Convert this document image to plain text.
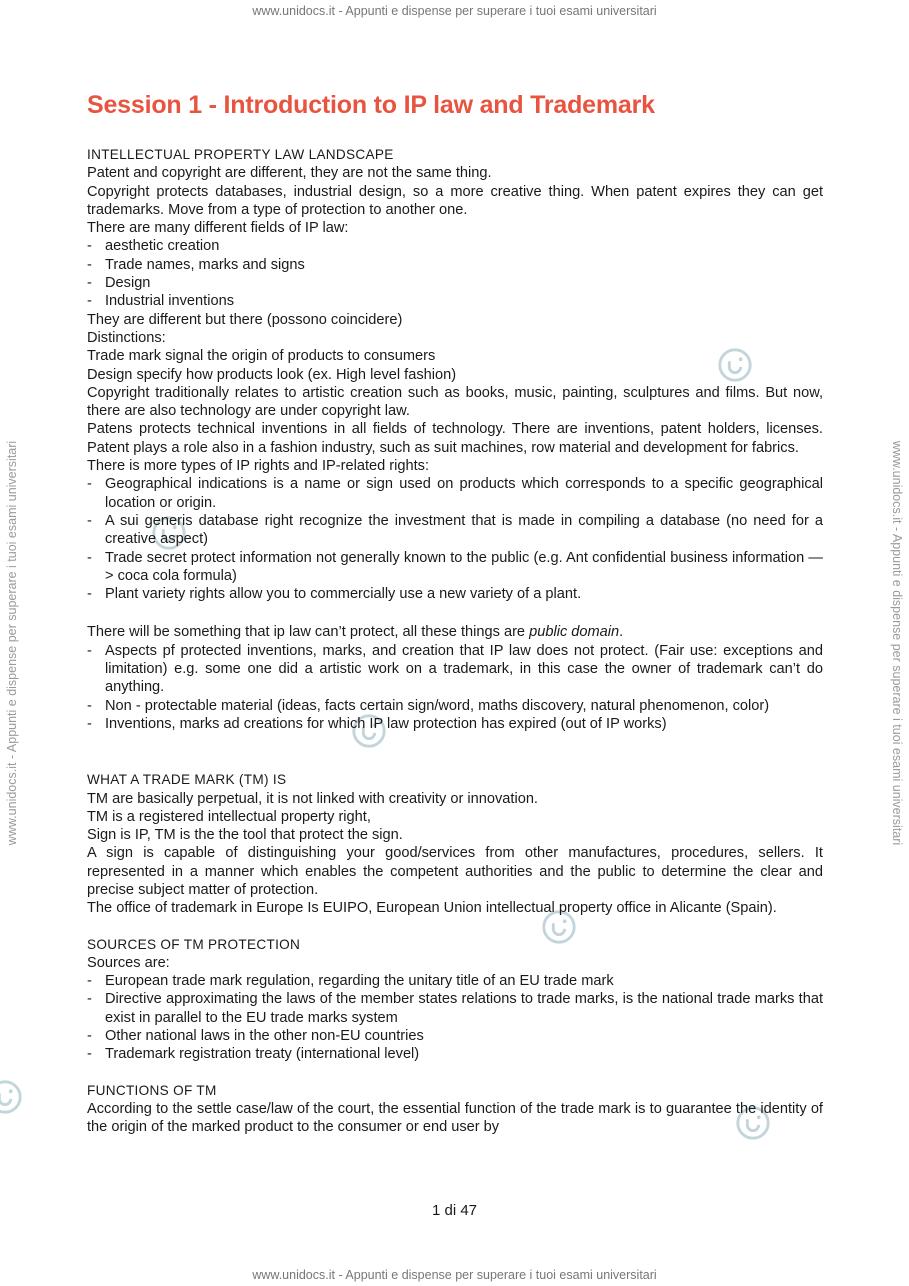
www.unidocs.it - Appunti e dispense per superare i tuoi esami universitari
www.unidocs.it - Appunti e dispense per superare i tuoi esami universitari
www.unidocs.it - Appunti e dispense per superare i tuoi esami universitari	www.unidocs.it - Appunti e dispense per superare i tuoi esami universitari
Session 1 - Introduction to IP law and Trademark
INTELLECTUAL PROPERTY LAW LANDSCAPE

Patent and copyright are different, they are not the same thing.

Copyright protects databases, industrial design, so a more creative thing. When patent expires they can get trademarks. Move from a type of protection to another one.

There are many different fields of IP law:

- aesthetic creation
- Trade names, marks and signs
- Design
- Industrial inventions

They are different but there (possono coincidere)

Distinctions:

Trade mark signal the origin of products to consumers

Design specify how products look (ex. High level fashion)

Copyright traditionally relates to artistic creation such as books, music, painting, sculptures and films. But now, there are also technology are under copyright law.

Patens protects technical inventions in all fields of technology. There are inventions, patent holders, licenses. Patent plays a role also in a fashion industry, such as suit machines, row material and development for fabrics.

There is more types of IP rights and IP-related rights:

- Geographical indications is a name or sign used on products which corresponds to a specific geographical location or origin.
- A sui generis database right recognize the investment that is made in compiling a database (no need for a creative aspect)
- Trade secret protect information not generally known to the public (e.g. Ant confidential business information —> coca cola formula)
- Plant variety rights allow you to commercially use a new variety of a plant.

There will be something that ip law can’t protect, all these things are public domain.

- Aspects pf protected inventions, marks, and creation that IP law does not protect. (Fair use: exceptions and limitation) e.g. some one did a artistic work on a trademark, in this case the owner of trademark can’t do anything.
- Non - protectable material (ideas, facts certain sign/word, maths discovery, natural phenomenon, color)
- Inventions, marks ad creations for which IP law protection has expired (out of IP works)
WHAT A TRADE MARK (TM) IS

TM are basically perpetual, it is not linked with creativity or innovation.

TM is a registered intellectual property right,

Sign is IP, TM is the the tool that protect the sign.

A sign is capable of distinguishing your good/services from other manufactures, procedures, sellers. It represented in a manner which enables the competent authorities and the public to determine the clear and precise subject matter of protection.

The office of trademark in Europe Is EUIPO, European Union intellectual property office in Alicante (Spain).

SOURCES OF TM PROTECTION

Sources are:

- European trade mark regulation, regarding the unitary title of an EU trade mark
- Directive approximating the laws of the member states relations to trade marks, is the national trade marks that exist in parallel to the EU trade marks system
- Other national laws in the other non-EU countries
- Trademark registration treaty (international level)
FUNCTIONS OF TM

According to the settle case/law of the court, the essential function of the trade mark is to guarantee the identity of the origin of the marked product to the consumer or end user by

1 di 47
